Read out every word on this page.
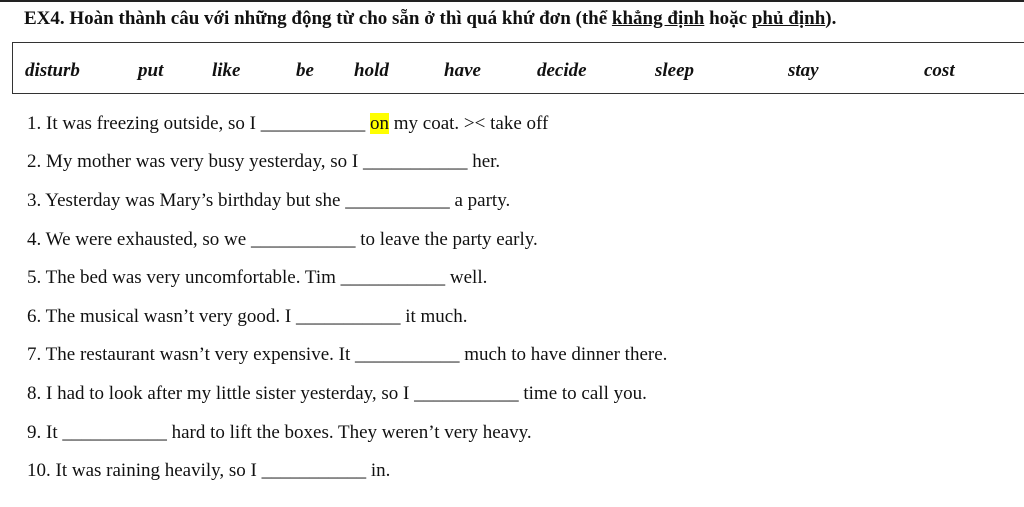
EX4. Hoàn thành câu với những động từ cho sẵn ở thì quá khứ đơn (thể khẳng định hoặc phủ định).
disturb	put	like	be hold	have	decide	sleep	stay	cost
1. It was freezing outside, so I ___________ on my coat. >< take off
2. My mother was very busy yesterday, so I ___________ her.
3. Yesterday was Mary’s birthday but she ___________ a party.
4. We were exhausted, so we ___________ to leave the party early.
5. The bed was very uncomfortable. Tim ___________ well.
6. The musical wasn’t very good. I ___________ it much.
7. The restaurant wasn’t very expensive. It ___________ much to have dinner there.
8. I had to look after my little sister yesterday, so I ___________ time to call you.
9. It ___________ hard to lift the boxes. They weren’t very heavy.
10. It was raining heavily, so I ___________ in.
